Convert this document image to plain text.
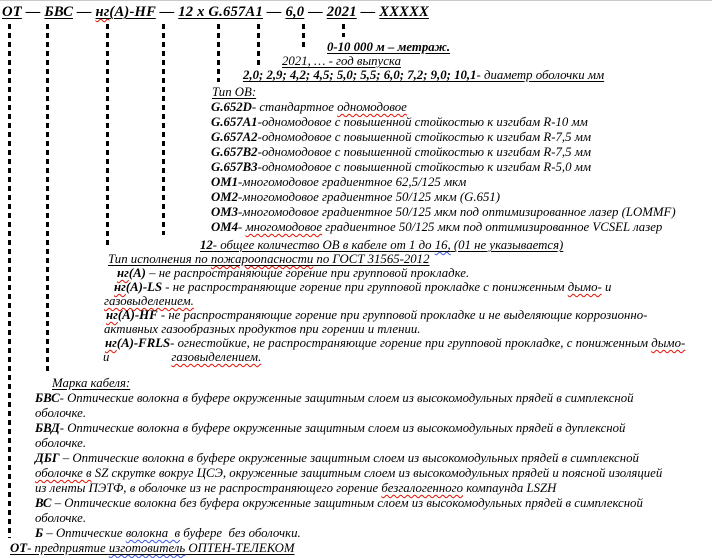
ОТ — БВС — нг(А)-HF — 12 х G.657A1 — 6,0 — 2021 — XXXXX
0-10 000 м – метраж.
2021, … - год выпуска
2,0; 2,9; 4,2; 4,5; 5,0; 5,5; 6,0; 7,2; 9,0; 10,1- диаметр оболочки мм
Тип ОВ:
G.652D- стандартное одномодовое
G.657А1-одномодовое с повышенной стойкостью к изгибам R-10 мм
G.657А2-одномодовое с повышенной стойкостью к изгибам R-7,5 мм
G.657В2-одномодовое с повышенной стойкостью к изгибам R-7,5 мм
G.657В3-одномодовое с повышенной стойкостью к изгибам R-5,0 мм
ОМ1-многомодовое градиентное 62,5/125 мкм
ОМ2-многомодовое градиентное 50/125 мкм (G.651)
ОМ3-многомодовое градиентное 50/125 мкм под оптимизированное лазер (LOMMF)
ОМ4- многомодовое градиентное 50/125 мкм под оптимизированное VCSEL лазер
12- общее количество ОВ в кабеле от 1 до 16, (01 не указывается)
Тип исполнения по пожароопасности по ГОСТ 31565-2012
нг(А) – не распространяющие горение при групповой прокладке.
нг(А)-LS - не распространяющие горение при групповой прокладке с пониженным дымо- и
газовыделением.
нг(А)-HF - не распространяющие горение при групповой прокладке и не выделяющие коррозионно-
активных газообразных продуктов при горении и тлении.
нг(А)-FRLS- огнестойкие, не распространяющие горение при групповой прокладке, с пониженным дымо-
и	газовыделением.
Марка кабеля:
БВС- Оптические волокна в буфере окруженные защитным слоем из высокомодульных прядей в симплексной
оболочке.
БВД- Оптические волокна в буфере окруженные защитным слоем из высокомодульных прядей в дуплексной
оболочке.
ДБГ – Оптические волокна в буфере окруженные защитным слоем из высокомодульных прядей в симплексной
оболочке в SZ скрутке вокруг ЦСЭ, окруженные защитным слоем из высокомодульных прядей и поясной изоляцией
из ленты ПЭТФ, в оболочке из не распространяющего горение безгалогенного компаунда LSZH
ВС – Оптические волокна без буфера окруженные защитным слоем из высокомодульных прядей в симплексной
оболочке.
Б – Оптические волокна  в буфере  без оболочки.
ОТ- предприятие изготовитель ОПТЕН-ТЕЛЕКОМ
